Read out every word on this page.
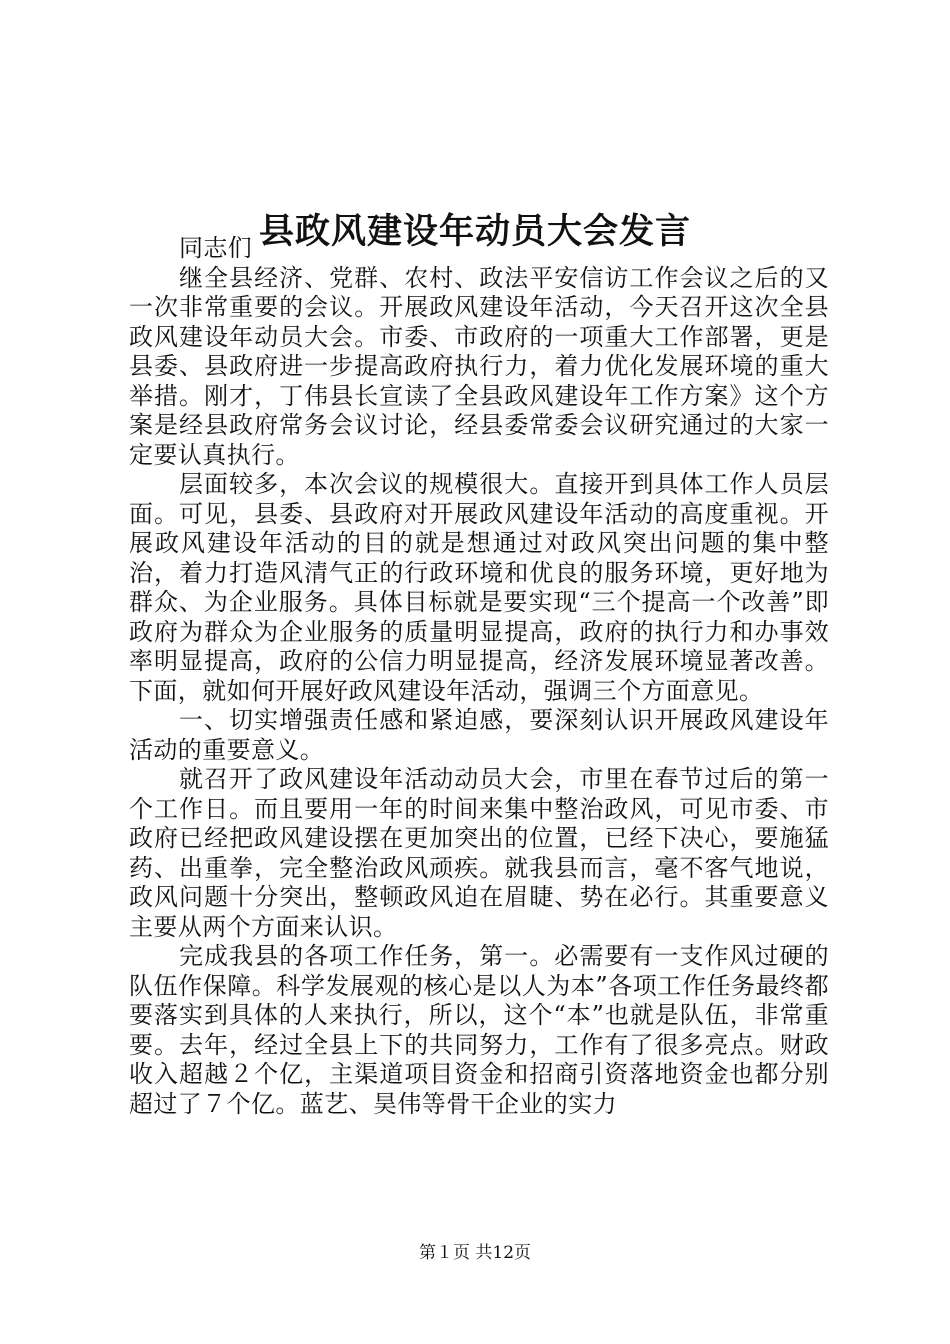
县政风建设年动员大会发言

同志们

继全县经济、党群、农村、政法平安信访工作会议之后的又一次非常重要的会议。开展政风建设年活动，今天召开这次全县政风建设年动员大会。市委、市政府的一项重大工作部署，更是县委、县政府进一步提高政府执行力，着力优化发展环境的重大举措。刚才，丁伟县长宣读了全县政风建设年工作方案》这个方案是经县政府常务会议讨论，经县委常委会议研究通过的大家一定要认真执行。

层面较多，本次会议的规模很大。直接开到具体工作人员层面。可见，县委、县政府对开展政风建设年活动的高度重视。开展政风建设年活动的目的就是想通过对政风突出问题的集中整治，着力打造风清气正的行政环境和优良的服务环境，更好地为群众、为企业服务。具体目标就是要实现“三个提高一个改善”即政府为群众为企业服务的质量明显提高，政府的执行力和办事效率明显提高，政府的公信力明显提高，经济发展环境显著改善。下面，就如何开展好政风建设年活动，强调三个方面意见。

一、切实增强责任感和紧迫感，要深刻认识开展政风建设年活动的重要意义。

就召开了政风建设年活动动员大会，市里在春节过后的第一个工作日。而且要用一年的时间来集中整治政风，可见市委、市政府已经把政风建设摆在更加突出的位置，已经下决心，要施猛药、出重拳，完全整治政风顽疾。就我县而言，毫不客气地说，政风问题十分突出，整顿政风迫在眉睫、势在必行。其重要意义主要从两个方面来认识。

完成我县的各项工作任务，第一。必需要有一支作风过硬的队伍作保障。科学发展观的核心是以人为本”各项工作任务最终都要落实到具体的人来执行，所以，这个“本”也就是队伍，非常重要。去年，经过全县上下的共同努力，工作有了很多亮点。财政收入超越２个亿，主渠道项目资金和招商引资落地资金也都分别超过了７个亿。蓝艺、昊伟等骨干企业的实力

第１页 共12页
